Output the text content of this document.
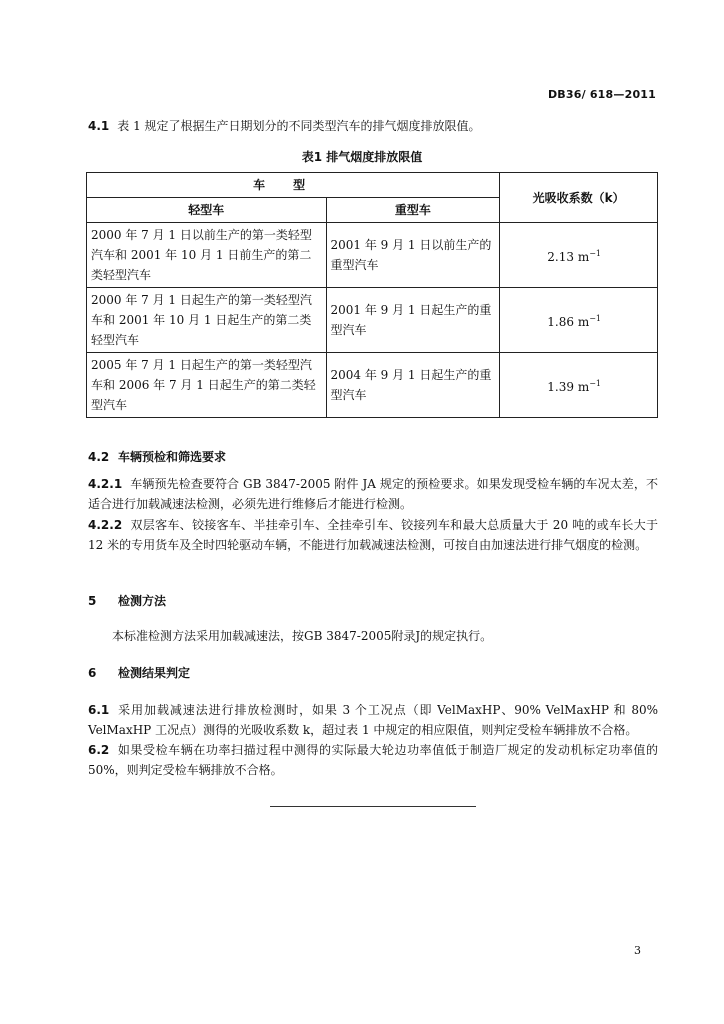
DB36/ 618—2011
4.1 表 1 规定了根据生产日期划分的不同类型汽车的排气烟度排放限值。
表1 排气烟度排放限值
车型		光吸收系数（k）
轻型车	重型车	
2000 年 7 月 1 日以前生产的第一类轻型汽车和 2001 年 10 月 1 日前生产的第二类轻型汽车	2001 年 9 月 1 日以前生产的重型汽车	2.13 $m^{-1}$
2000 年 7 月 1 日起生产的第一类轻型汽车和 2001 年 10 月 1 日起生产的第二类轻型汽车	2001 年 9 月 1 日起生产的重型汽车	1.86 $m^{-1}$
2005 年 7 月 1 日起生产的第一类轻型汽车和 2006 年 7 月 1 日起生产的第二类轻型汽车	2004 年 9 月 1 日起生产的重型汽车	1.39 $m^{-1}$
4.2 车辆预检和筛选要求
4.2.1 车辆预先检查要符合 GB 3847-2005 附件 JA 规定的预检要求。如果发现受检车辆的车况太差，不适合进行加载减速法检测，必须先进行维修后才能进行检测。
4.2.2 双层客车、铰接客车、半挂牵引车、全挂牵引车、铰接列车和最大总质量大于 20 吨的或车长大于 12 米的专用货车及全时四轮驱动车辆，不能进行加载减速法检测，可按自由加速法进行排气烟度的检测。
5 检测方法
本标准检测方法采用加载减速法，按GB 3847-2005附录J的规定执行。
6 检测结果判定
6.1 采用加载减速法进行排放检测时，如果 3 个工况点（即 VelMaxHP、90% VelMaxHP 和 80% VelMaxHP 工况点）测得的光吸收系数 k，超过表 1 中规定的相应限值，则判定受检车辆排放不合格。
6.2 如果受检车辆在功率扫描过程中测得的实际最大轮边功率值低于制造厂规定的发动机标定功率值的 50%，则判定受检车辆排放不合格。
3
